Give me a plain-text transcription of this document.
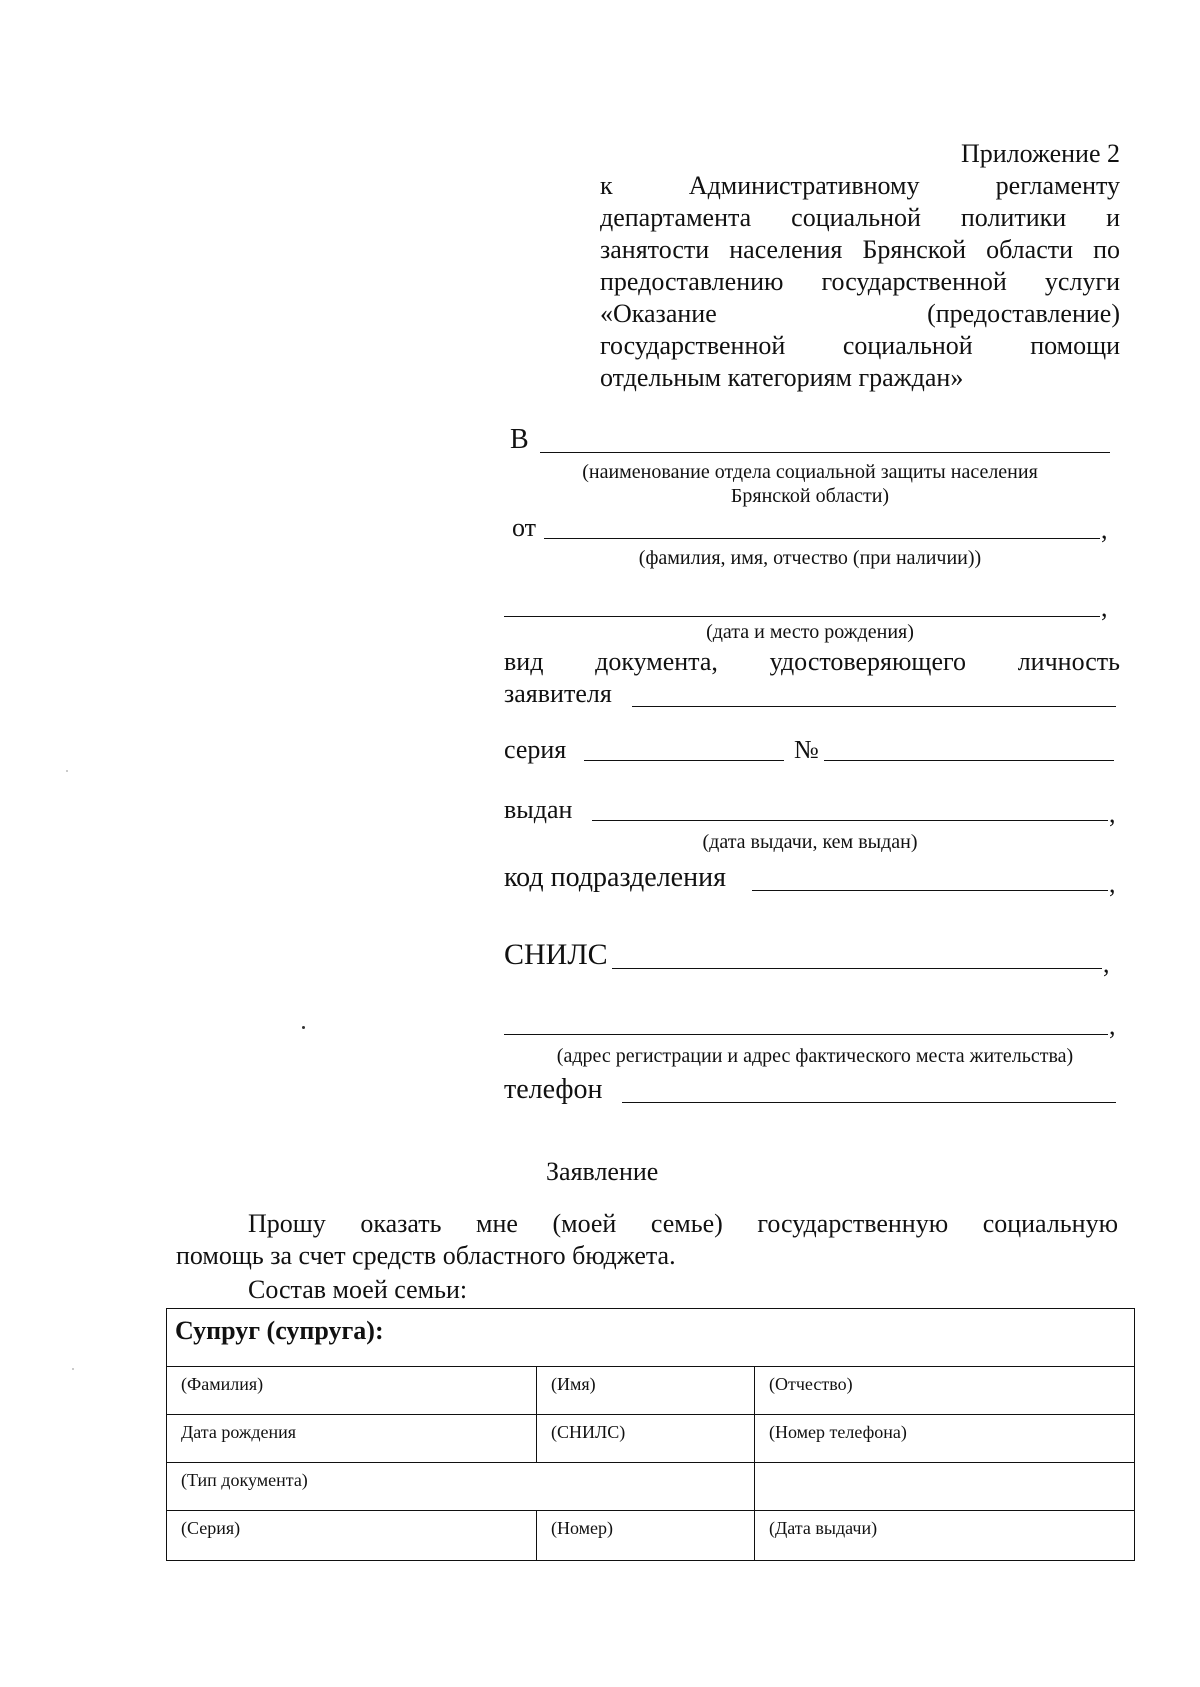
Приложение 2
к Административному регламенту
департамента социальной политики и
занятости населения Брянской области по
предоставлению государственной услуги
«Оказание (предоставление)
государственной социальной помощи
отдельным категориям граждан»
В
(наименование отдела социальной защиты населения
Брянской области)
от	,
(фамилия, имя, отчество (при наличии))
,
(дата и место рождения)
вид документа, удостоверяющего личность
заявителя
серия	№
выдан	,
(дата выдачи, кем выдан)
код подразделения	,
СНИЛС	,
,
(адрес регистрации и адрес фактического места жительства)
телефон
Заявление
Прошу оказать мне (моей семье) государственную социальную
помощь за счет средств областного бюджета.
Состав моей семьи:
Супруг (супруга):		
(Фамилия)	(Имя)	(Отчество)
Дата рождения	(СНИЛС)	(Номер телефона)
(Тип документа)		
(Серия)	(Номер)	(Дата выдачи)
